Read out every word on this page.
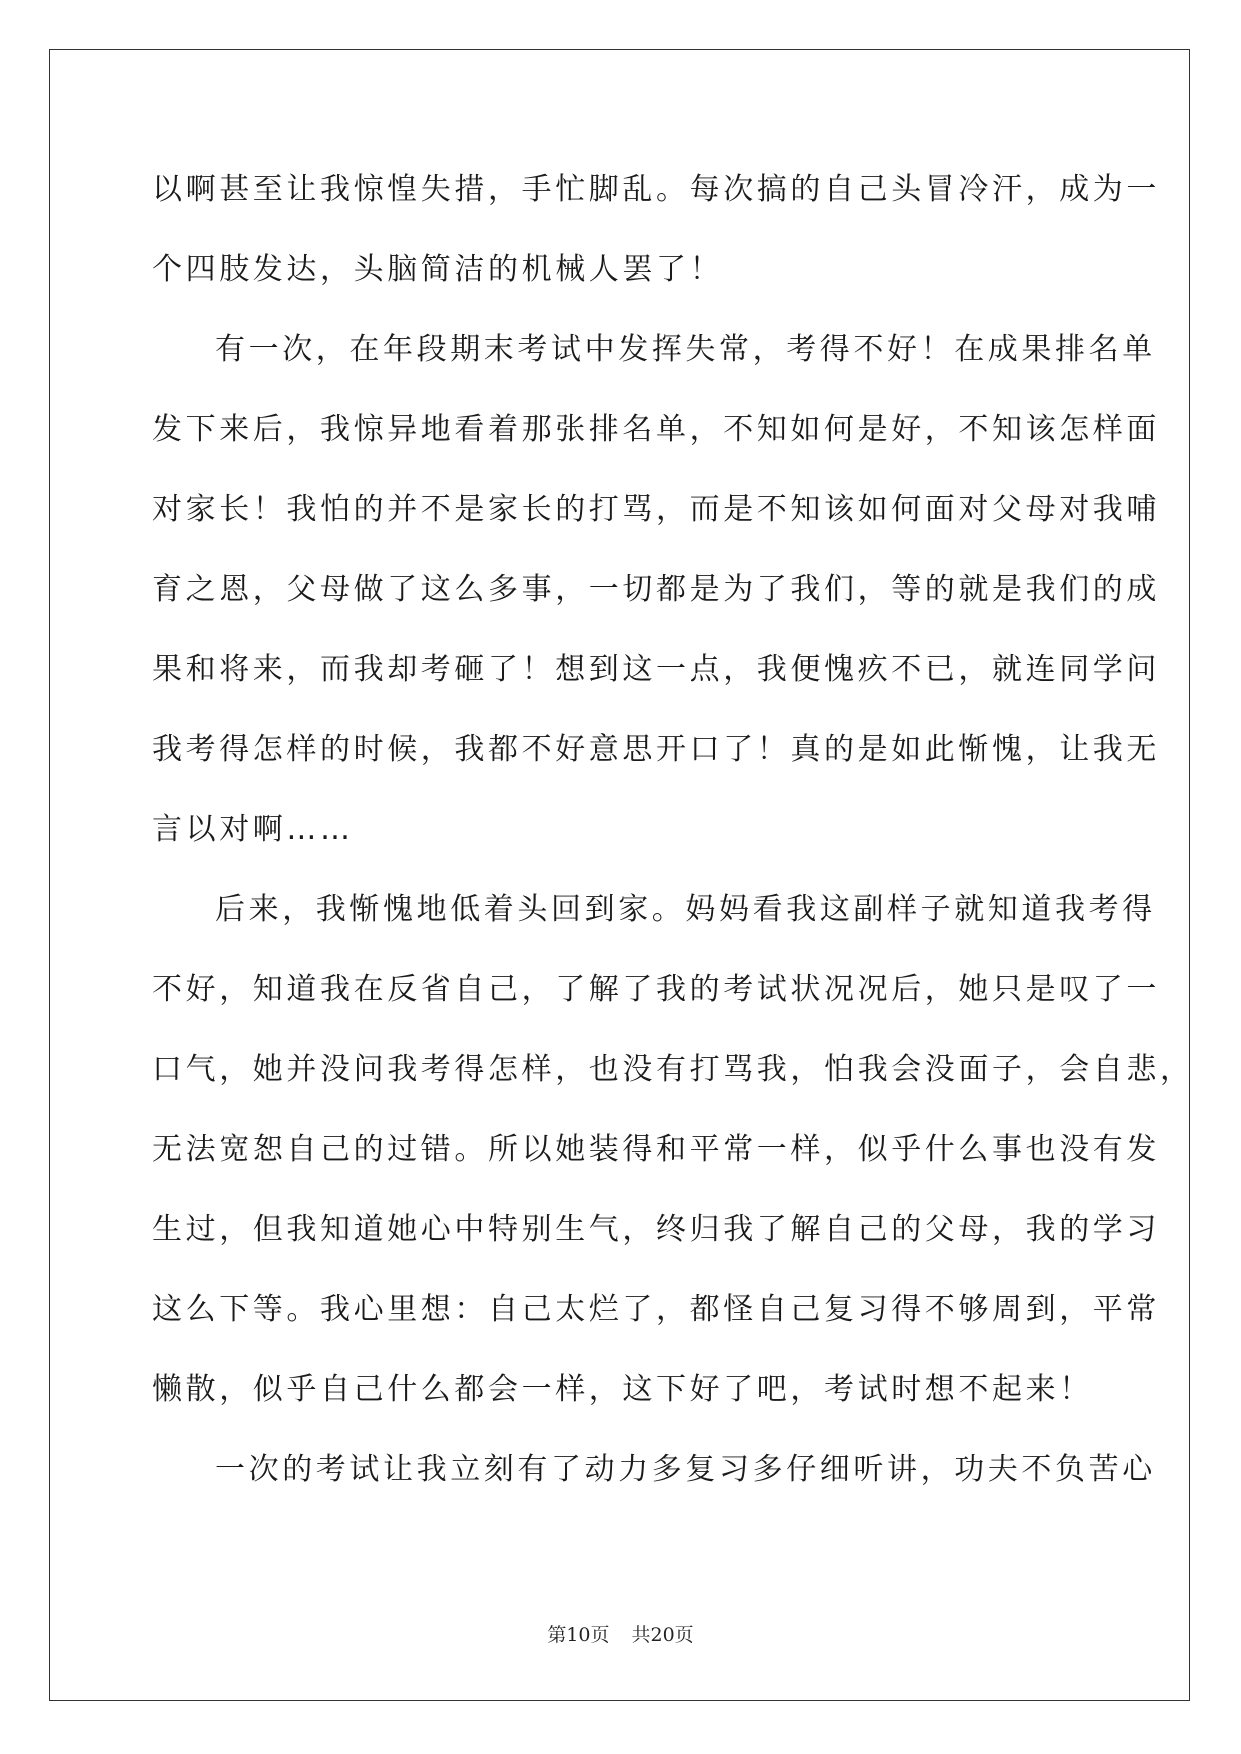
以啊甚至让我惊惶失措，手忙脚乱。每次搞的自己头冒冷汗，成为一
个四肢发达，头脑简洁的机械人罢了！
有一次，在年段期末考试中发挥失常，考得不好！在成果排名单
发下来后，我惊异地看着那张排名单，不知如何是好，不知该怎样面
对家长！我怕的并不是家长的打骂，而是不知该如何面对父母对我哺
育之恩，父母做了这么多事，一切都是为了我们，等的就是我们的成
果和将来，而我却考砸了！想到这一点，我便愧疚不已，就连同学问
我考得怎样的时候，我都不好意思开口了！真的是如此惭愧，让我无
言以对啊……
后来，我惭愧地低着头回到家。妈妈看我这副样子就知道我考得
不好，知道我在反省自己，了解了我的考试状况况后，她只是叹了一
口气，她并没问我考得怎样，也没有打骂我，怕我会没面子，会自悲，
无法宽恕自己的过错。所以她装得和平常一样，似乎什么事也没有发
生过，但我知道她心中特别生气，终归我了解自己的父母，我的学习
这么下等。我心里想：自己太烂了，都怪自己复习得不够周到，平常
懒散，似乎自己什么都会一样，这下好了吧，考试时想不起来！
一次的考试让我立刻有了动力多复习多仔细听讲，功夫不负苦心
第10页 共20页
